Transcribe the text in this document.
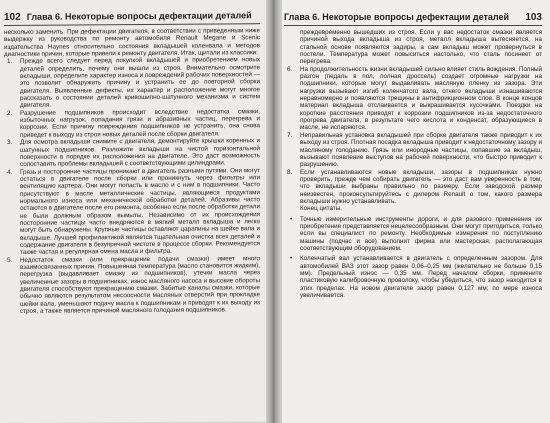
102 Глава 6. Некоторые вопросы дефектации деталей

несколько заменить. При дефектации двигателя, в соответствии с приведенным ниже выдержку из руководства по ремонту автомобиля Renault Megane и Scenic издательства Haynes относительно состояния вкладышей коленвала и методов диагностики причин, которые привели к ремонту двигателя. Итак, щитали из классики:

1.	Прежде всего следует перед покупкой вкладышей и приобретением новых деталей определить, почему они вышли из строя. Внимательно осмотрите вкладыши, определите характер износа и повреждений рабочих поверхностей — это позволит обнаружить причину и устранить ее до повторной сборки двигателя. Выявленные дефекты, их характер и расположение могут многое рассказать о состоянии деталей кривошипно-шатунного механизма и систем двигателя.
2.	Разрушение подшипников происходит вследствие недостатка смазки, избыточных нагрузок, попадания грязи и абразивных частиц, перегрева и коррозии. Если причину повреждения подшипников не устранить, она снова приведет к выходу из строя новых деталей после сборки двигателя.
3.	Для осмотра вкладыши снимите с двигателя, демонтируйте крышки коренных и шатунных подшипников. Разложите вкладыши на чистой горизонтальной поверхности в порядке их расположения на двигателе. Это даст возможность сопоставить проблемы вкладышей с соответствующими цилиндрами.
4.	Грязь и посторонние частицы проникают в двигатель разными путями. Они могут остаться в двигателе после сборки или проникнуть через фильтры или вентиляцию картера. Они могут попасть в масло и с ним в подшипники. Часто присутствуют в масле металлические частицы, являющиеся продуктами нормального износа или механической обработки деталей. Абразивы часто остаются в двигателе после его ремонта, особенно если после обработки детали не были должным образом вымыты. Независимо от их происхождения посторонние частицы часто внедряются в мягкий металл вкладыша и легко могут быть обнаружены. Крупные частицы оставляют царапины на шейке вала и вкладыше. Лучшей профилактикой является тщательная очистка всех деталей и содержание двигателя в безупречной чистоте в процессе сборки. Рекомендуется также частая и регулярная смена масла и фильтра.
5.	Недостаток смазки (или прекращение подачи смазки) имеет много взаимосвязанных причин. Повышенная температура (масло становится жидким), перегрузка (выдавливает смазку из подшипников), утечки масла через увеличенные зазоры в подшипниках, износ масляного насоса и высокие обороты двигателя способствуют прекращению смазки. Забитые каналы смазки, которые обычно являются результатом несоосности масляных отверстий при прокладке шейки вала, уменьшают подачу масла к подшипникам и приводят к их выходу из строя, а также является причиной масляного голодания подшипников.
Глава 6. Некоторые вопросы дефектации деталей 103

преждевременно вышедших из строя. Если у вас недостаток смазки является причиной выхода вкладыша из строя, металл вкладыша вытесняется, на стальной основе появляются задиры, а сам вкладыш может провернуться в постели. Температура может повыситься настолько, что сталь посинеет от перегрева.

6.	На продолжительность жизни вкладышей сильно влияет стиль вождения. Полный разгон (педаль в пол, полная дроссель) создает огромные нагрузки на подшипники, которые могут выдавливать масляную пленку из зазора. Эти нагрузки вызывают изгиб коленчатого вала, отчего вкладыши изнашиваются неравномерно и появляются трещины в антифрикционном слое. В конце концов материал вкладыша отслаивается и выкрашивается кусочками. Поездки на короткие расстояния приводят к коррозии подшипников из-за недостаточного прогрева двигателя, в результате чего кислота и конденсат, образующиеся в масле, не испаряются.
7.	Неправильная установка вкладышей при сборке двигателя также приводит к их выходу из строя. Плотная посадка вкладыша приводит к недостаточному зазору и масляному голоданию. Грязь или инородные частицы, попавшие за вкладыш, вызывают появление выступов на рабочей поверхности, что быстро приводит к разрушению.
8.	Если устанавливаются новые вкладыши, зазоры в подшипниках нужно проверить, прежде чем собирать двигатель — это даст вам уверенность в том, что вкладыши выбраны правильно по размеру. Если заводской размер неизвестен, проконсультируйтесь с дилером Renault о том, какого размера вкладыши нужно устанавливать.

Конец цитаты.

•	Точные измерительные инструменты дороги, и для разового применения их приобретение представляется нецелесообразным. Они могут пригодиться, только если вы специалист по ремонту. Необходимые измерения по поступлению машины (подчас и все) выполнит фирма или мастерская, располагающая соответствующим оборудованием.
•	Коленчатый вал устанавливается в двигатель с определенным зазором. Для автомобилей ВАЗ этот зазор равен 0,06–0,25 мм (желательно не больше 0,15 мм). Предельный износ — 0,35 мм. Перед началом сборки, примените пластиковую калибровочную проволоку, чтобы убедиться, что зазор находится в этих пределах. На новом двигателе зазор равен 0,127 мм; по мере износа увеличивается.
